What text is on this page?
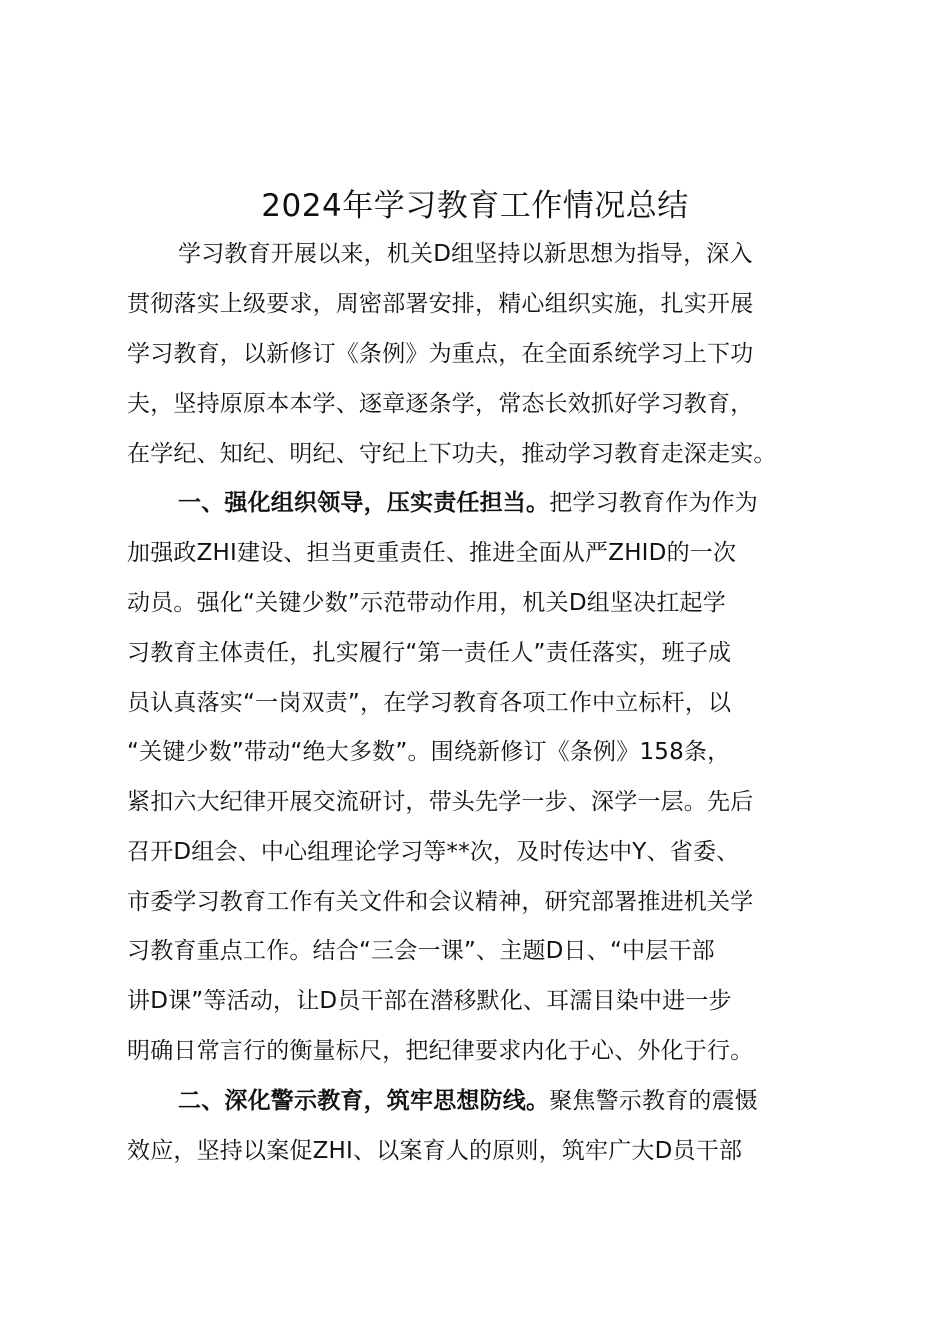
2024年学习教育工作情况总结
学习教育开展以来，机关D组坚持以新思想为指导，深入
贯彻落实上级要求，周密部署安排，精心组织实施，扎实开展
学习教育，以新修订《条例》为重点，在全面系统学习上下功
夫，坚持原原本本学、逐章逐条学，常态长效抓好学习教育，
在学纪、知纪、明纪、守纪上下功夫，推动学习教育走深走实。
一、强化组织领导，压实责任担当。把学习教育作为作为
加强政ZHI建设、担当更重责任、推进全面从严ZHID的一次
动员。强化“关键少数”示范带动作用，机关D组坚决扛起学
习教育主体责任，扎实履行“第一责任人”责任落实，班子成
员认真落实“一岗双责”，在学习教育各项工作中立标杆，以
“关键少数”带动“绝大多数”。围绕新修订《条例》158条，
紧扣六大纪律开展交流研讨，带头先学一步、深学一层。先后
召开D组会、中心组理论学习等**次，及时传达中Y、省委、
市委学习教育工作有关文件和会议精神，研究部署推进机关学
习教育重点工作。结合“三会一课”、主题D日、“中层干部
讲D课”等活动，让D员干部在潜移默化、耳濡目染中进一步
明确日常言行的衡量标尺，把纪律要求内化于心、外化于行。
二、深化警示教育，筑牢思想防线。聚焦警示教育的震慑
效应，坚持以案促ZHI、以案育人的原则，筑牢广大D员干部
